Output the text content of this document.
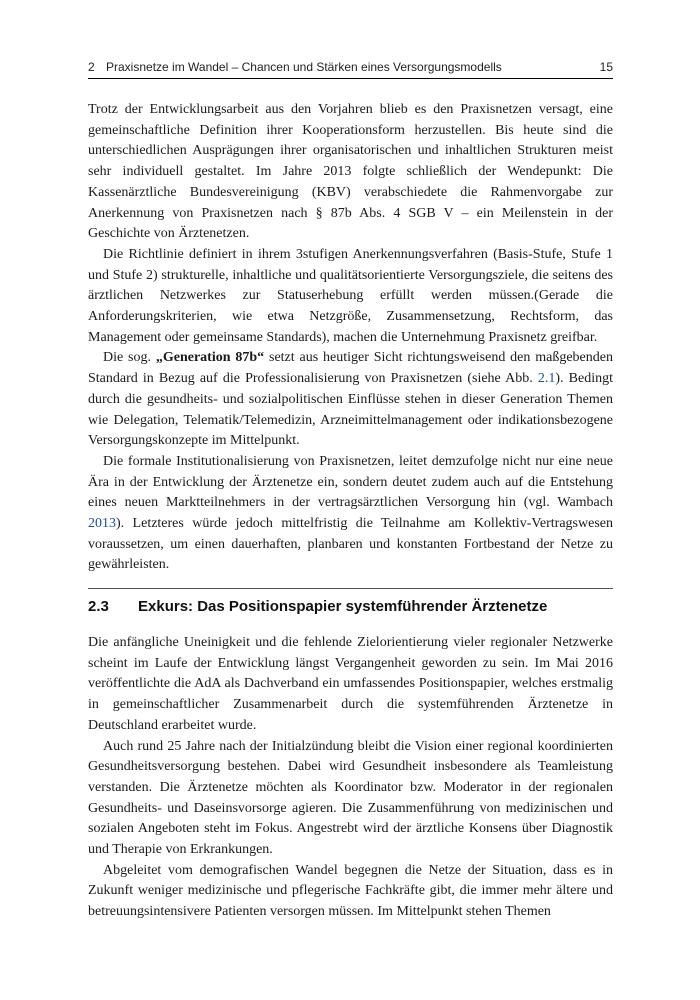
2 Praxisnetze im Wandel – Chancen und Stärken eines Versorgungsmodells	15

Trotz der Entwicklungsarbeit aus den Vorjahren blieb es den Praxisnetzen versagt, eine gemeinschaftliche Definition ihrer Kooperationsform herzustellen. Bis heute sind die unterschiedlichen Ausprägungen ihrer organisatorischen und inhaltlichen Strukturen meist sehr individuell gestaltet. Im Jahre 2013 folgte schließlich der Wendepunkt: Die Kassenärztliche Bundesvereinigung (KBV) verabschiedete die Rahmenvorgabe zur Anerkennung von Praxisnetzen nach § 87b Abs. 4 SGB V – ein Meilenstein in der Geschichte von Ärztenetzen.

Die Richtlinie definiert in ihrem 3stufigen Anerkennungsverfahren (Basis-Stufe, Stufe 1 und Stufe 2) strukturelle, inhaltliche und qualitätsorientierte Versorgungsziele, die seitens des ärztlichen Netzwerkes zur Statuserhebung erfüllt werden müssen.(Gerade die Anforderungskriterien, wie etwa Netzgröße, Zusammensetzung, Rechtsform, das Management oder gemeinsame Standards), machen die Unternehmung Praxisnetz greifbar.

Die sog. „Generation 87b“ setzt aus heutiger Sicht richtungsweisend den maßgebenden Standard in Bezug auf die Professionalisierung von Praxisnetzen (siehe Abb. 2.1). Bedingt durch die gesundheits- und sozialpolitischen Einflüsse stehen in dieser Generation Themen wie Delegation, Telematik/Telemedizin, Arzneimittelmanagement oder indikationsbezogene Versorgungskonzepte im Mittelpunkt.

Die formale Institutionalisierung von Praxisnetzen, leitet demzufolge nicht nur eine neue Ära in der Entwicklung der Ärztenetze ein, sondern deutet zudem auch auf die Entstehung eines neuen Marktteilnehmers in der vertragsärztlichen Versorgung hin (vgl. Wambach 2013). Letzteres würde jedoch mittelfristig die Teilnahme am Kollektiv-Vertragswesen voraussetzen, um einen dauerhaften, planbaren und konstanten Fortbestand der Netze zu gewährleisten.

2.3 Exkurs: Das Positionspapier systemführender Ärztenetze

Die anfängliche Uneinigkeit und die fehlende Zielorientierung vieler regionaler Netzwerke scheint im Laufe der Entwicklung längst Vergangenheit geworden zu sein. Im Mai 2016 veröffentlichte die AdA als Dachverband ein umfassendes Positionspapier, welches erstmalig in gemeinschaftlicher Zusammenarbeit durch die systemführenden Ärztenetze in Deutschland erarbeitet wurde.

Auch rund 25 Jahre nach der Initialzündung bleibt die Vision einer regional koordinierten Gesundheitsversorgung bestehen. Dabei wird Gesundheit insbesondere als Teamleistung verstanden. Die Ärztenetze möchten als Koordinator bzw. Moderator in der regionalen Gesundheits- und Daseinsvorsorge agieren. Die Zusammenführung von medizinischen und sozialen Angeboten steht im Fokus. Angestrebt wird der ärztliche Konsens über Diagnostik und Therapie von Erkrankungen.

Abgeleitet vom demografischen Wandel begegnen die Netze der Situation, dass es in Zukunft weniger medizinische und pflegerische Fachkräfte gibt, die immer mehr ältere und betreuungsintensivere Patienten versorgen müssen. Im Mittelpunkt stehen Themen
